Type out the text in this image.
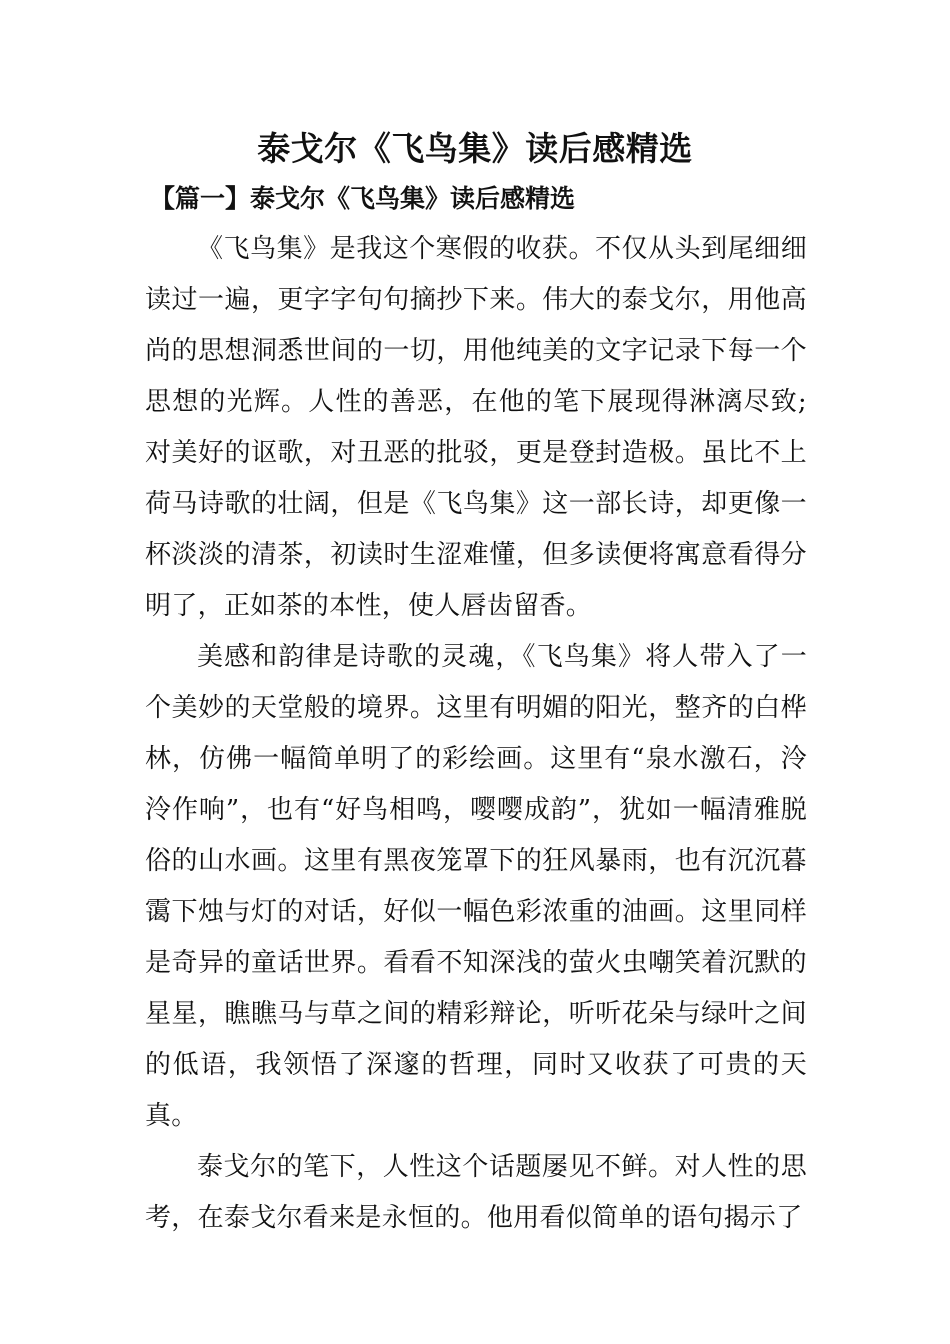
泰戈尔《飞鸟集》读后感精选
【篇一】泰戈尔《飞鸟集》读后感精选

《飞鸟集》是我这个寒假的收获。不仅从头到尾细细读过一遍，更字字句句摘抄下来。伟大的泰戈尔，用他高尚的思想洞悉世间的一切，用他纯美的文字记录下每一个思想的光辉。人性的善恶，在他的笔下展现得淋漓尽致;对美好的讴歌，对丑恶的批驳，更是登封造极。虽比不上荷马诗歌的壮阔，但是《飞鸟集》这一部长诗，却更像一杯淡淡的清茶，初读时生涩难懂，但多读便将寓意看得分明了，正如茶的本性，使人唇齿留香。

美感和韵律是诗歌的灵魂，《飞鸟集》将人带入了一个美妙的天堂般的境界。这里有明媚的阳光，整齐的白桦林，仿佛一幅简单明了的彩绘画。这里有“泉水激石，泠泠作响”，也有“好鸟相鸣，嘤嘤成韵”，犹如一幅清雅脱俗的山水画。这里有黑夜笼罩下的狂风暴雨，也有沉沉暮霭下烛与灯的对话，好似一幅色彩浓重的油画。这里同样是奇异的童话世界。看看不知深浅的萤火虫嘲笑着沉默的星星，瞧瞧马与草之间的精彩辩论，听听花朵与绿叶之间的低语，我领悟了深邃的哲理，同时又收获了可贵的天真。

泰戈尔的笔下，人性这个话题屡见不鲜。对人性的思考，在泰戈尔看来是永恒的。他用看似简单的语句揭示了
